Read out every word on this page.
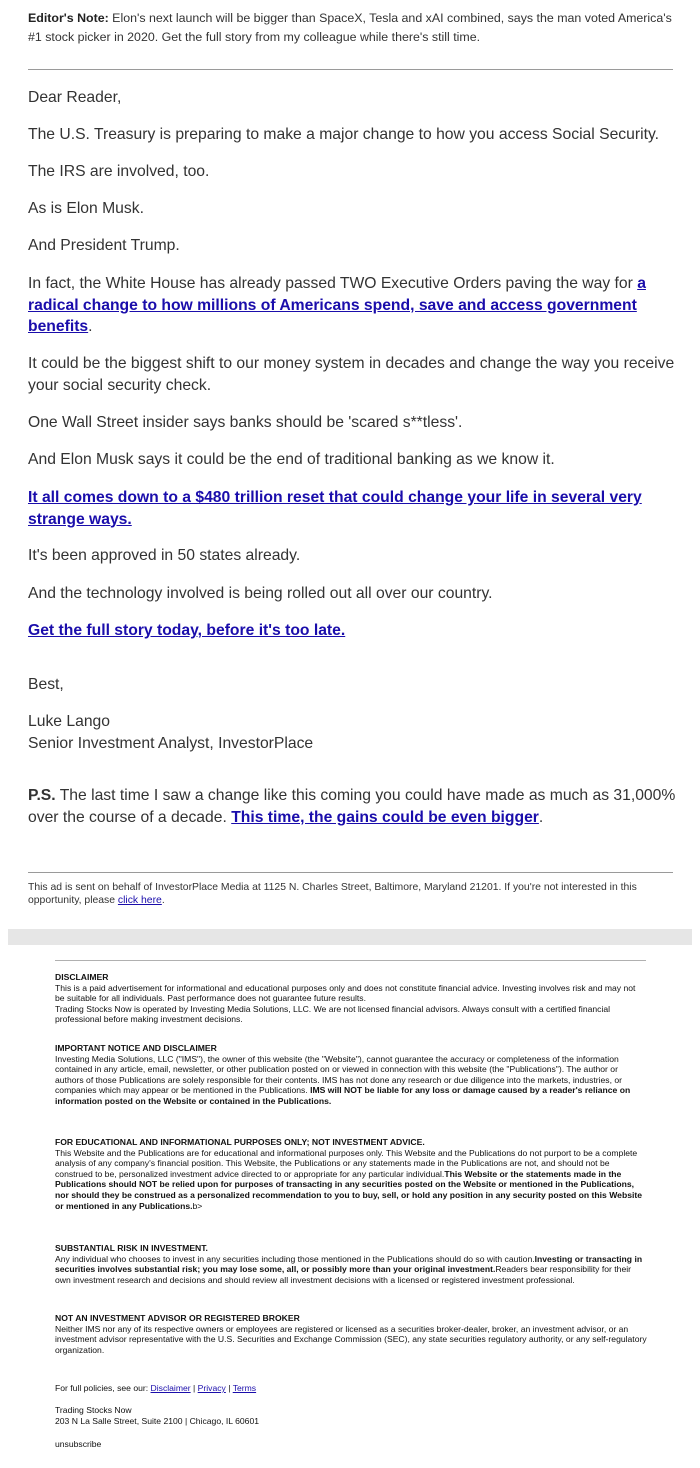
Editor's Note: Elon's next launch will be bigger than SpaceX, Tesla and xAI combined, says the man voted America's #1 stock picker in 2020. Get the full story from my colleague while there's still time.

Dear Reader,

The U.S. Treasury is preparing to make a major change to how you access Social Security.

The IRS are involved, too.

As is Elon Musk.

And President Trump.

In fact, the White House has already passed TWO Executive Orders paving the way for a radical change to how millions of Americans spend, save and access government benefits.

It could be the biggest shift to our money system in decades and change the way you receive your social security check.

One Wall Street insider says banks should be 'scared s**tless'.

And Elon Musk says it could be the end of traditional banking as we know it.

It all comes down to a $480 trillion reset that could change your life in several very strange ways.

It's been approved in 50 states already.

And the technology involved is being rolled out all over our country.

Get the full story today, before it's too late.

Best,

Luke Lango
Senior Investment Analyst, InvestorPlace

P.S. The last time I saw a change like this coming you could have made as much as 31,000% over the course of a decade. This time, the gains could be even bigger.

This ad is sent on behalf of InvestorPlace Media at 1125 N. Charles Street, Baltimore, Maryland 21201. If you're not interested in this opportunity, please click here.
DISCLAIMER
This is a paid advertisement for informational and educational purposes only and does not constitute financial advice. Investing involves risk and may not be suitable for all individuals. Past performance does not guarantee future results.
Trading Stocks Now is operated by Investing Media Solutions, LLC. We are not licensed financial advisors. Always consult with a certified financial professional before making investment decisions.
IMPORTANT NOTICE AND DISCLAIMER
Investing Media Solutions, LLC ("IMS"), the owner of this website (the "Website"), cannot guarantee the accuracy or completeness of the information contained in any article, email, newsletter, or other publication posted on or viewed in connection with this website (the "Publications"). The author or authors of those Publications are solely responsible for their contents. IMS has not done any research or due diligence into the markets, industries, or companies which may appear or be mentioned in the Publications. IMS will NOT be liable for any loss or damage caused by a reader's reliance on information posted on the Website or contained in the Publications.
FOR EDUCATIONAL AND INFORMATIONAL PURPOSES ONLY; NOT INVESTMENT ADVICE.
This Website and the Publications are for educational and informational purposes only. This Website and the Publications do not purport to be a complete analysis of any company's financial position. This Website, the Publications or any statements made in the Publications are not, and should not be construed to be, personalized investment advice directed to or appropriate for any particular individual.This Website or the statements made in the Publications should NOT be relied upon for purposes of transacting in any securities posted on the Website or mentioned in the Publications, nor should they be construed as a personalized recommendation to you to buy, sell, or hold any position in any security posted on this Website or mentioned in any Publications.b>
SUBSTANTIAL RISK IN INVESTMENT.
Any individual who chooses to invest in any securities including those mentioned in the Publications should do so with caution.Investing or transacting in securities involves substantial risk; you may lose some, all, or possibly more than your original investment.Readers bear responsibility for their own investment research and decisions and should review all investment decisions with a licensed or registered investment professional.
NOT AN INVESTMENT ADVISOR OR REGISTERED BROKER
Neither IMS nor any of its respective owners or employees are registered or licensed as a securities broker-dealer, broker, an investment advisor, or an investment advisor representative with the U.S. Securities and Exchange Commission (SEC), any state securities regulatory authority, or any self-regulatory organization.
For full policies, see our: Disclaimer | Privacy | Terms
Trading Stocks Now
203 N La Salle Street, Suite 2100 | Chicago, IL 60601
unsubscribe
